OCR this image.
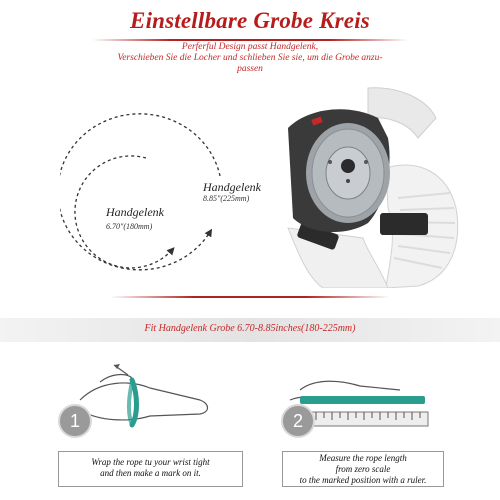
Einstellbare Grobe Kreis
Perferful Design passt Handgelenk,
Verschieben Sie die Locher und schlieben Sie sie, um die Grobe anzu-
passen
Handgelenk
8.85"(225mm)
Handgelenk
6.70"(180mm)
Fit Handgelenk Grobe 6.70-8.85inches(180-225mm)
1	2
Wrap the rope tu your wrist tight
and then make a mark on it.
Measure the rope length
from zero scale
to the marked position with a ruler.
